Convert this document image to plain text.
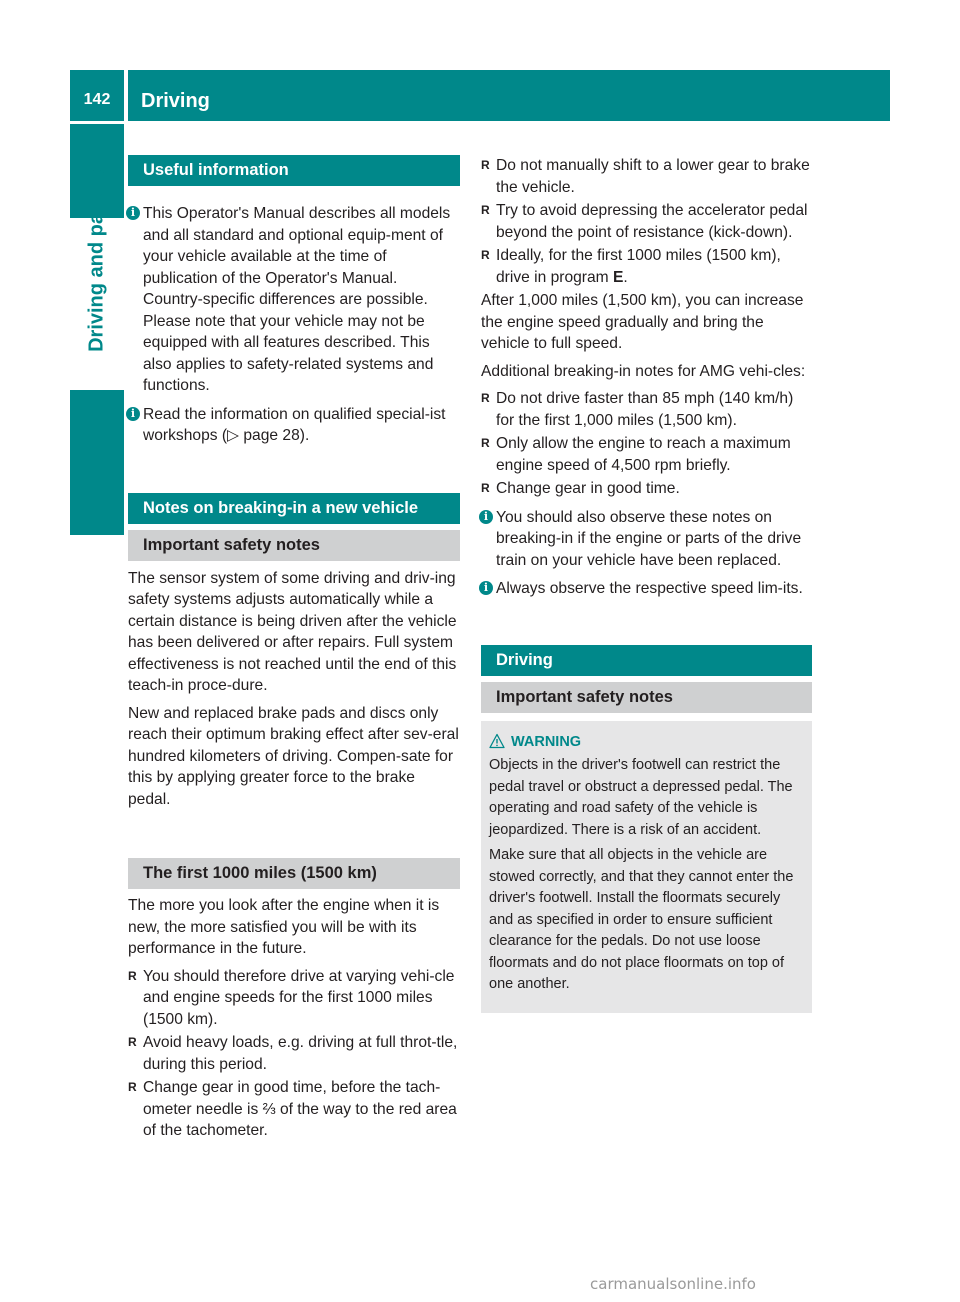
142	Driving
Driving and parking	Useful information
i This Operator's Manual describes all models and all standard and optional equip-ment of your vehicle available at the time of publication of the Operator's Manual. Country-specific differences are possible. Please note that your vehicle may not be equipped with all features described. This also applies to safety-related systems and functions.
i Read the information on qualified special-ist workshops (▷ page 28).
Notes on breaking-in a new vehicle
Important safety notes

The sensor system of some driving and driv-ing safety systems adjusts automatically while a certain distance is being driven after the vehicle has been delivered or after repairs. Full system effectiveness is not reached until the end of this teach-in proce-dure.

New and replaced brake pads and discs only reach their optimum braking effect after sev-eral hundred kilometers of driving. Compen-sate for this by applying greater force to the brake pedal.

The first 1000 miles (1500 km)

The more you look after the engine when it is new, the more satisfied you will be with its performance in the future.

R You should therefore drive at varying vehi-cle and engine speeds for the first 1000 miles (1500 km).
R Avoid heavy loads, e.g. driving at full throt-tle, during this period.
R Change gear in good time, before the tach-ometer needle is ⅔ of the way to the red area of the tachometer.
R Do not manually shift to a lower gear to brake the vehicle.
R Try to avoid depressing the accelerator pedal beyond the point of resistance (kick-down).
R Ideally, for the first 1000 miles (1500 km), drive in program E.

After 1,000 miles (1,500 km), you can increase the engine speed gradually and bring the vehicle to full speed.

Additional breaking-in notes for AMG vehi-cles:

R Do not drive faster than 85 mph (140 km/h) for the first 1,000 miles (1,500 km).
R Only allow the engine to reach a maximum engine speed of 4,500 rpm briefly.
R Change gear in good time.
i You should also observe these notes on breaking-in if the engine or parts of the drive train on your vehicle have been replaced.
i Always observe the respective speed lim-its.
Driving
Important safety notes
WARNING

Objects in the driver's footwell can restrict the pedal travel or obstruct a depressed pedal. The operating and road safety of the vehicle is jeopardized. There is a risk of an accident.

Make sure that all objects in the vehicle are stowed correctly, and that they cannot enter the driver's footwell. Install the floormats securely and as specified in order to ensure sufficient clearance for the pedals. Do not use loose floormats and do not place floormats on top of one another.

carmanualsonline.info
